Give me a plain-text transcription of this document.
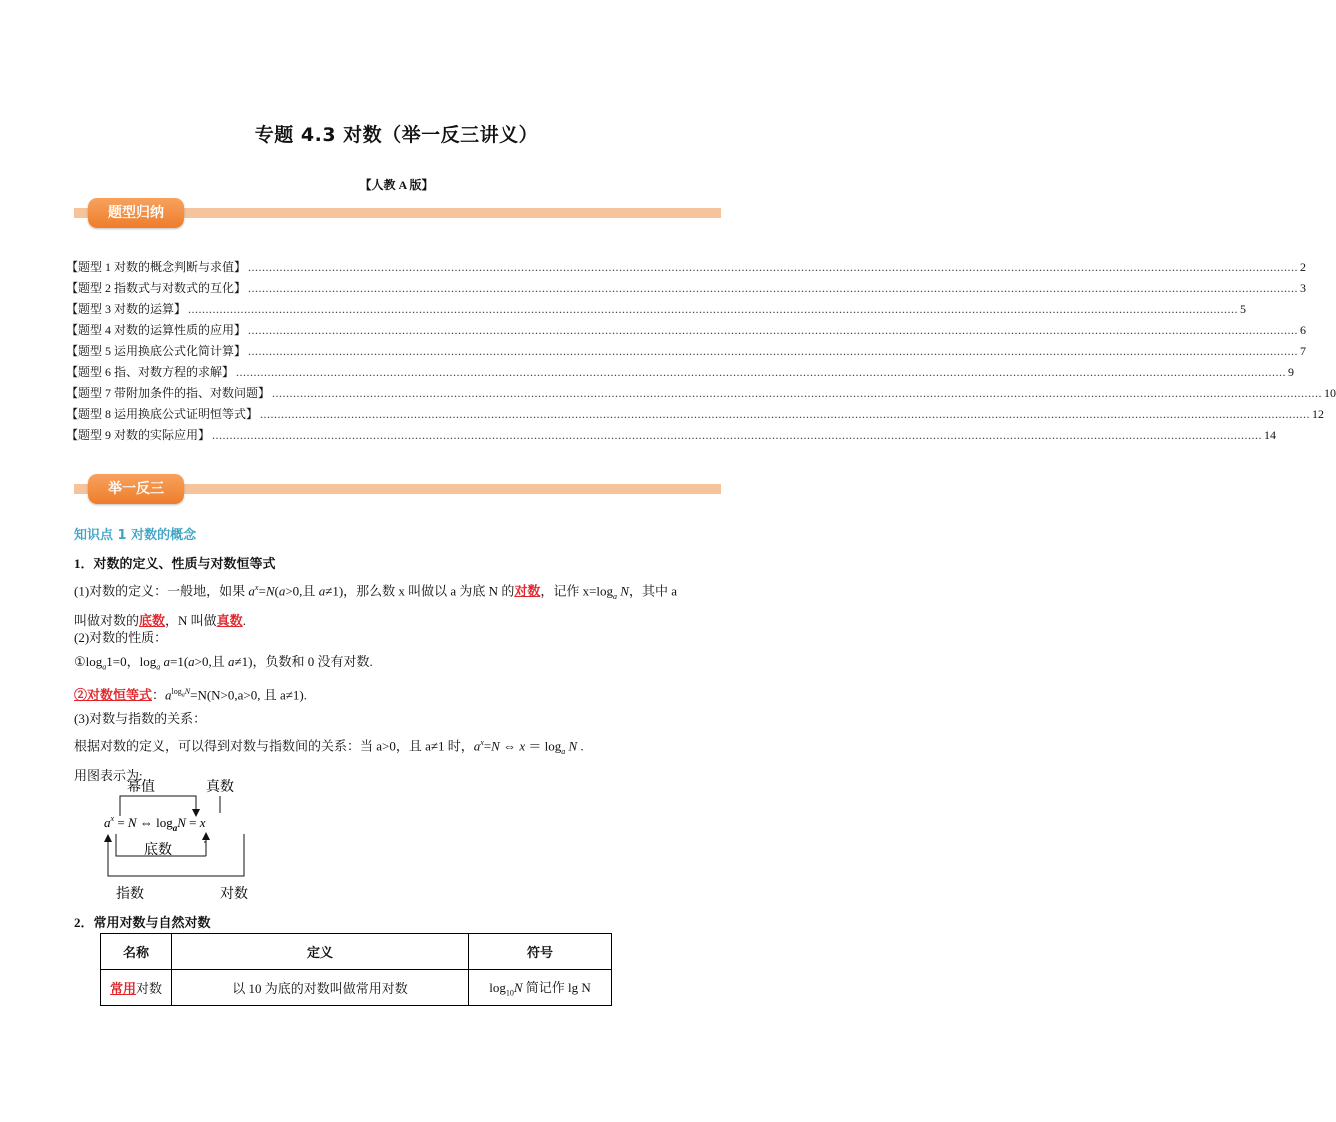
专题 4.3 对数（举一反三讲义）
【人教 A 版】
题型归纳
【题型 1 对数的概念判断与求值】 ............................................................................................................................................................................................................................................................................................................ 2
【题型 2 指数式与对数式的互化】 ............................................................................................................................................................................................................................................................................................................ 3
【题型 3 对数的运算】 ............................................................................................................................................................................................................................................................................................................ 5
【题型 4 对数的运算性质的应用】 ............................................................................................................................................................................................................................................................................................................ 6
【题型 5 运用换底公式化简计算】 ............................................................................................................................................................................................................................................................................................................ 7
【题型 6 指、对数方程的求解】 ............................................................................................................................................................................................................................................................................................................ 9
【题型 7 带附加条件的指、对数问题】 ............................................................................................................................................................................................................................................................................................................ 10
【题型 8 运用换底公式证明恒等式】 ............................................................................................................................................................................................................................................................................................................ 12
【题型 9 对数的实际应用】 ............................................................................................................................................................................................................................................................................................................ 14
举一反三
知识点 1 对数的概念
1．对数的定义、性质与对数恒等式
(1)对数的定义：一般地，如果 $a^x=N(a>0$,且 a≠1)，那么数 x 叫做以 a 为底 N 的对数，记作 $x=\log_a$ N，其中 a
叫做对数的底数，N 叫做真数.
(2)对数的性质：
$①\log_a1=0$，$\log_a a=1(a>0$,且 a≠1)，负数和 0 没有对数.
②对数恒等式：$a^{log_aN}=N(N>0,a>0$, 且 a≠1).
(3)对数与指数的关系：
根据对数的定义，可以得到对数与指数间的关系：当 a>0，且 a≠1 时，$a^x=N$ ⇔ $x = \log_a N$ .
用图表示为:
幂值	真数
底数
指数	对数
$a^x = N$ ⇔ $\log_aN = x$
2．常用对数与自然对数
名称	定义	符号
常用对数	以 10 为底的对数叫做常用对数	$\log_{10}N$ 简记作 lg N
